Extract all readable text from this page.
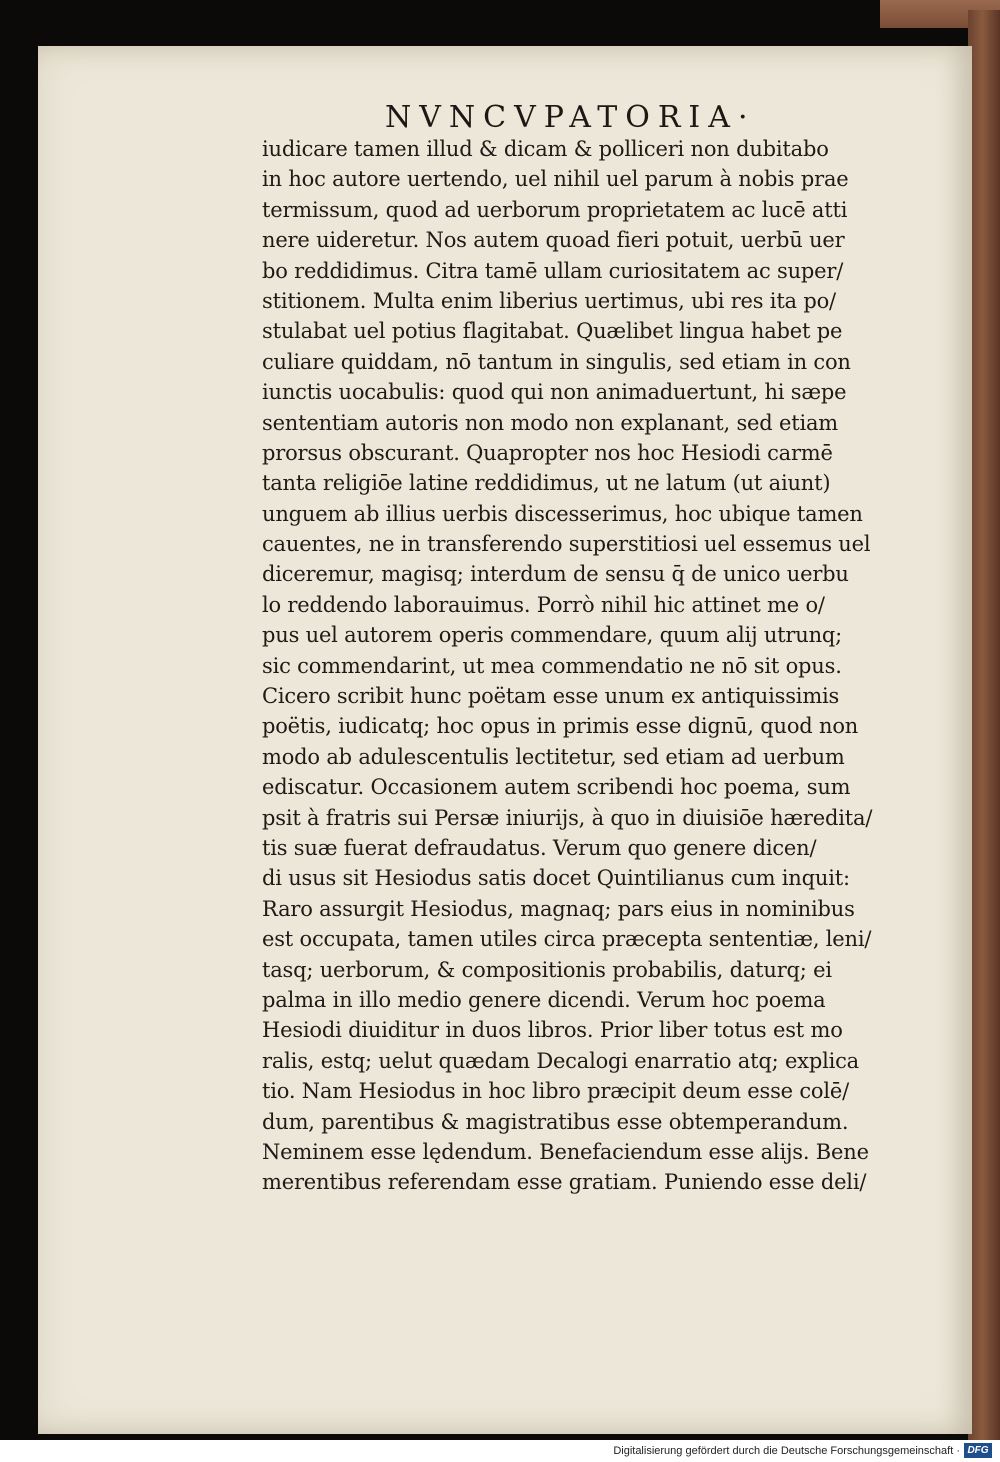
NVNCVPATORIA·
iudicare tamen illud & dicam & polliceri non dubitabo
in hoc autore uertendo, uel nihil uel parum à nobis prae
termissum, quod ad uerborum proprietatem ac lucē atti
nere uideretur. Nos autem quoad fieri potuit, uerbū uer
bo reddidimus. Citra tamē ullam curiositatem ac super/
stitionem. Multa enim liberius uertimus, ubi res ita po/
stulabat uel potius flagitabat. Quælibet lingua habet pe
culiare quiddam, nō tantum in singulis, sed etiam in con
iunctis uocabulis: quod qui non animaduertunt, hi sæpe
sententiam autoris non modo non explanant, sed etiam
prorsus obscurant. Quapropter nos hoc Hesiodi carmē
tanta religiōe latine reddidimus, ut ne latum (ut aiunt)
unguem ab illius uerbis discesserimus, hoc ubique tamen
cauentes, ne in transferendo superstitiosi uel essemus uel
diceremur, magisq; interdum de sensu q̄ de unico uerbu
lo reddendo laborauimus. Porrò nihil hic attinet me o/
pus uel autorem operis commendare, quum alij utrunq;
sic commendarint, ut mea commendatio ne nō sit opus.
Cicero scribit hunc poëtam esse unum ex antiquissimis
poëtis, iudicatq; hoc opus in primis esse dignū, quod non
modo ab adulescentulis lectitetur, sed etiam ad uerbum
ediscatur. Occasionem autem scribendi hoc poema, sum
psit à fratris sui Persæ iniurijs, à quo in diuisiōe hæredita/
tis suæ fuerat defraudatus. Verum quo genere dicen/
di usus sit Hesiodus satis docet Quintilianus cum inquit:
Raro assurgit Hesiodus, magnaq; pars eius in nominibus
est occupata, tamen utiles circa præcepta sententiæ, leni/
tasq; uerborum, & compositionis probabilis, daturq; ei
palma in illo medio genere dicendi. Verum hoc poema
Hesiodi diuiditur in duos libros. Prior liber totus est mo
ralis, estq; uelut quædam Decalogi enarratio atq; explica
tio. Nam Hesiodus in hoc libro præcipit deum esse colē/
dum, parentibus & magistratibus esse obtemperandum.
Neminem esse lędendum. Benefaciendum esse alijs. Bene
merentibus referendam esse gratiam. Puniendo esse deli/
Digitalisierung gefördert durch die Deutsche Forschungsgemeinschaft · DFG
